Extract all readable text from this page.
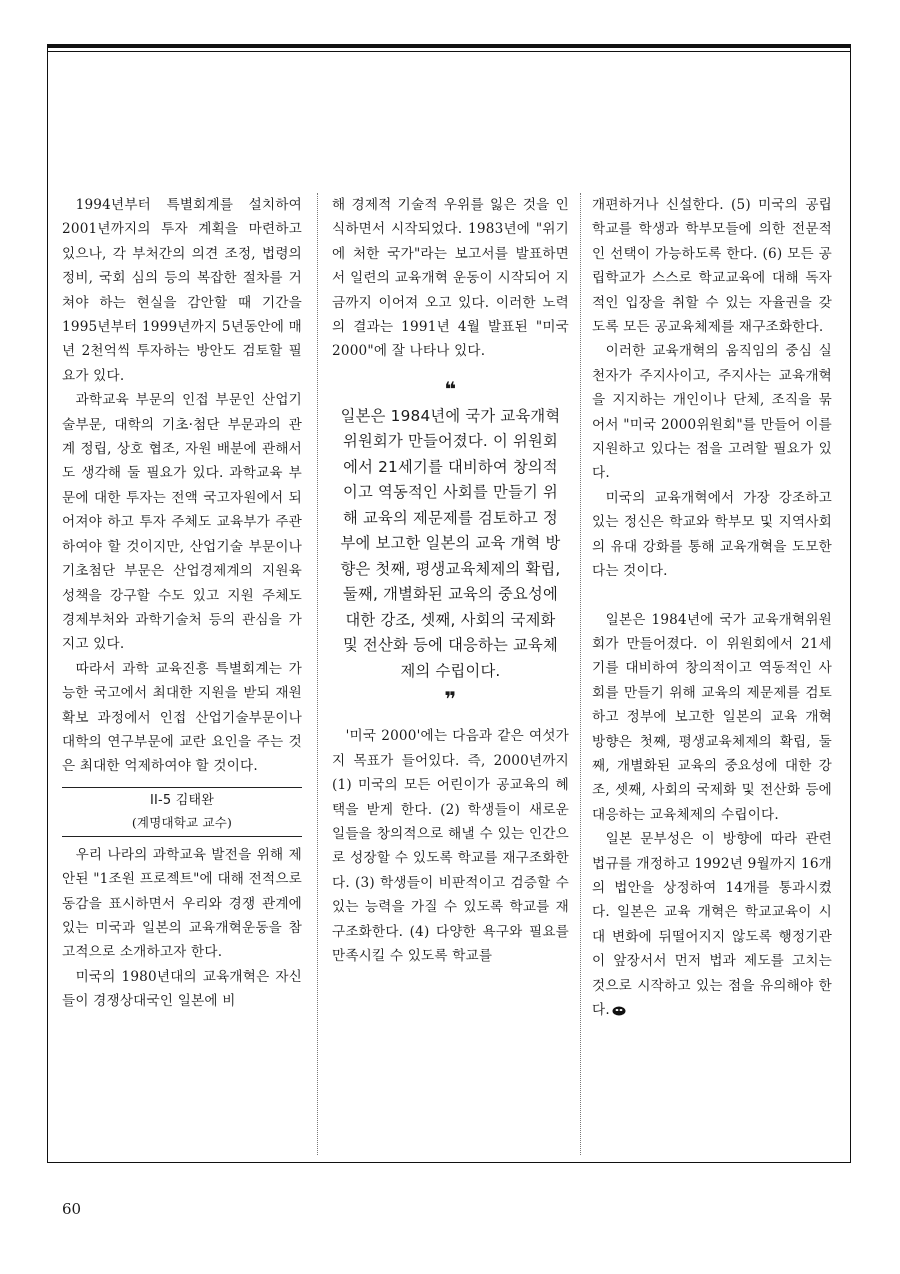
1994년부터 특별회계를 설치하여 2001년까지의 투자 계획을 마련하고 있으나, 각 부처간의 의견 조정, 법령의 정비, 국회 심의 등의 복잡한 절차를 거쳐야 하는 현실을 감안할 때 기간을 1995년부터 1999년까지 5년동안에 매년 2천억씩 투자하는 방안도 검토할 필요가 있다.

과학교육 부문의 인접 부문인 산업기술부문, 대학의 기초·첨단 부문과의 관계 정립, 상호 협조, 자원 배분에 관해서도 생각해 둘 필요가 있다. 과학교육 부문에 대한 투자는 전액 국고자원에서 되어져야 하고 투자 주체도 교육부가 주관하여야 할 것이지만, 산업기술 부문이나 기초첨단 부문은 산업경제계의 지원육성책을 강구할 수도 있고 지원 주체도 경제부처와 과학기술처 등의 관심을 가지고 있다.

따라서 과학 교육진흥 특별회계는 가능한 국고에서 최대한 지원을 받되 재원 확보 과정에서 인접 산업기술부문이나 대학의 연구부문에 교란 요인을 주는 것은 최대한 억제하여야 할 것이다.

II-5 김태완
(계명대학교 교수)

우리 나라의 과학교육 발전을 위해 제안된 "1조원 프로젝트"에 대해 전적으로 동감을 표시하면서 우리와 경쟁 관계에 있는 미국과 일본의 교육개혁운동을 참고적으로 소개하고자 한다.

미국의 1980년대의 교육개혁은 자신들이 경쟁상대국인 일본에 비

해 경제적 기술적 우위를 잃은 것을 인식하면서 시작되었다. 1983년에 "위기에 처한 국가"라는 보고서를 발표하면서 일련의 교육개혁 운동이 시작되어 지금까지 이어져 오고 있다. 이러한 노력의 결과는 1991년 4월 발표된 "미국 2000"에 잘 나타나 있다.

❝
일본은 1984년에 국가 교육개혁위원회가 만들어졌다. 이 위원회에서 21세기를 대비하여 창의적이고 역동적인 사회를 만들기 위해 교육의 제문제를 검토하고 정부에 보고한 일본의 교육 개혁 방향은 첫째, 평생교육체제의 확립, 둘째, 개별화된 교육의 중요성에 대한 강조, 셋째, 사회의 국제화 및 전산화 등에 대응하는 교육체제의 수립이다.
❞

'미국 2000'에는 다음과 같은 여섯가지 목표가 들어있다. 즉, 2000년까지 (1) 미국의 모든 어린이가 공교육의 혜택을 받게 한다. (2) 학생들이 새로운 일들을 창의적으로 해낼 수 있는 인간으로 성장할 수 있도록 학교를 재구조화한다. (3) 학생들이 비판적이고 검증할 수 있는 능력을 가질 수 있도록 학교를 재구조화한다. (4) 다양한 욕구와 필요를 만족시킬 수 있도록 학교를

개편하거나 신설한다. (5) 미국의 공립학교를 학생과 학부모들에 의한 전문적인 선택이 가능하도록 한다. (6) 모든 공립학교가 스스로 학교교육에 대해 독자적인 입장을 취할 수 있는 자율권을 갖도록 모든 공교육체제를 재구조화한다.

이러한 교육개혁의 움직임의 중심 실천자가 주지사이고, 주지사는 교육개혁을 지지하는 개인이나 단체, 조직을 묶어서 "미국 2000위원회"를 만들어 이를 지원하고 있다는 점을 고려할 필요가 있다.

미국의 교육개혁에서 가장 강조하고 있는 정신은 학교와 학부모 및 지역사회의 유대 강화를 통해 교육개혁을 도모한다는 것이다.

일본은 1984년에 국가 교육개혁위원회가 만들어졌다. 이 위원회에서 21세기를 대비하여 창의적이고 역동적인 사회를 만들기 위해 교육의 제문제를 검토하고 정부에 보고한 일본의 교육 개혁 방향은 첫째, 평생교육체제의 확립, 둘째, 개별화된 교육의 중요성에 대한 강조, 셋째, 사회의 국제화 및 전산화 등에 대응하는 교육체제의 수립이다.

일본 문부성은 이 방향에 따라 관련 법규를 개정하고 1992년 9월까지 16개의 법안을 상정하여 14개를 통과시켰다. 일본은 교육 개혁은 학교교육이 시대 변화에 뒤떨어지지 않도록 행정기관이 앞장서서 먼저 법과 제도를 고치는 것으로 시작하고 있는 점을 유의해야 한다.

60
